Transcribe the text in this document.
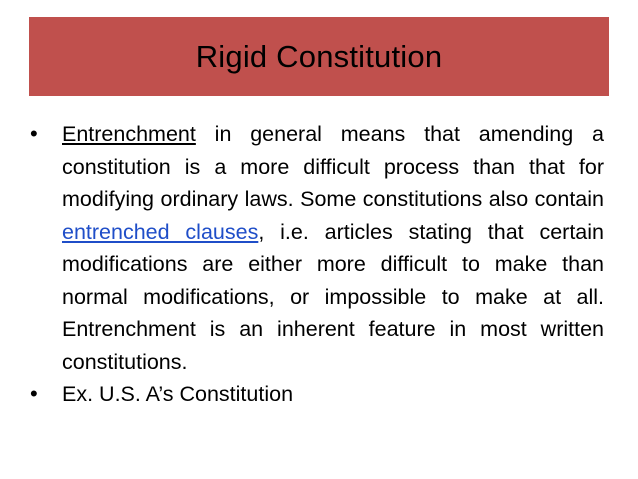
Rigid Constitution
•	Entrenchment in general means that amending a constitution is a more difficult process than that for modifying ordinary laws. Some constitutions also contain entrenched clauses, i.e. articles stating that certain modifications are either more difficult to make than normal modifications, or impossible to make at all. Entrenchment is an inherent feature in most written constitutions.
•	Ex. U.S. A’s Constitution
